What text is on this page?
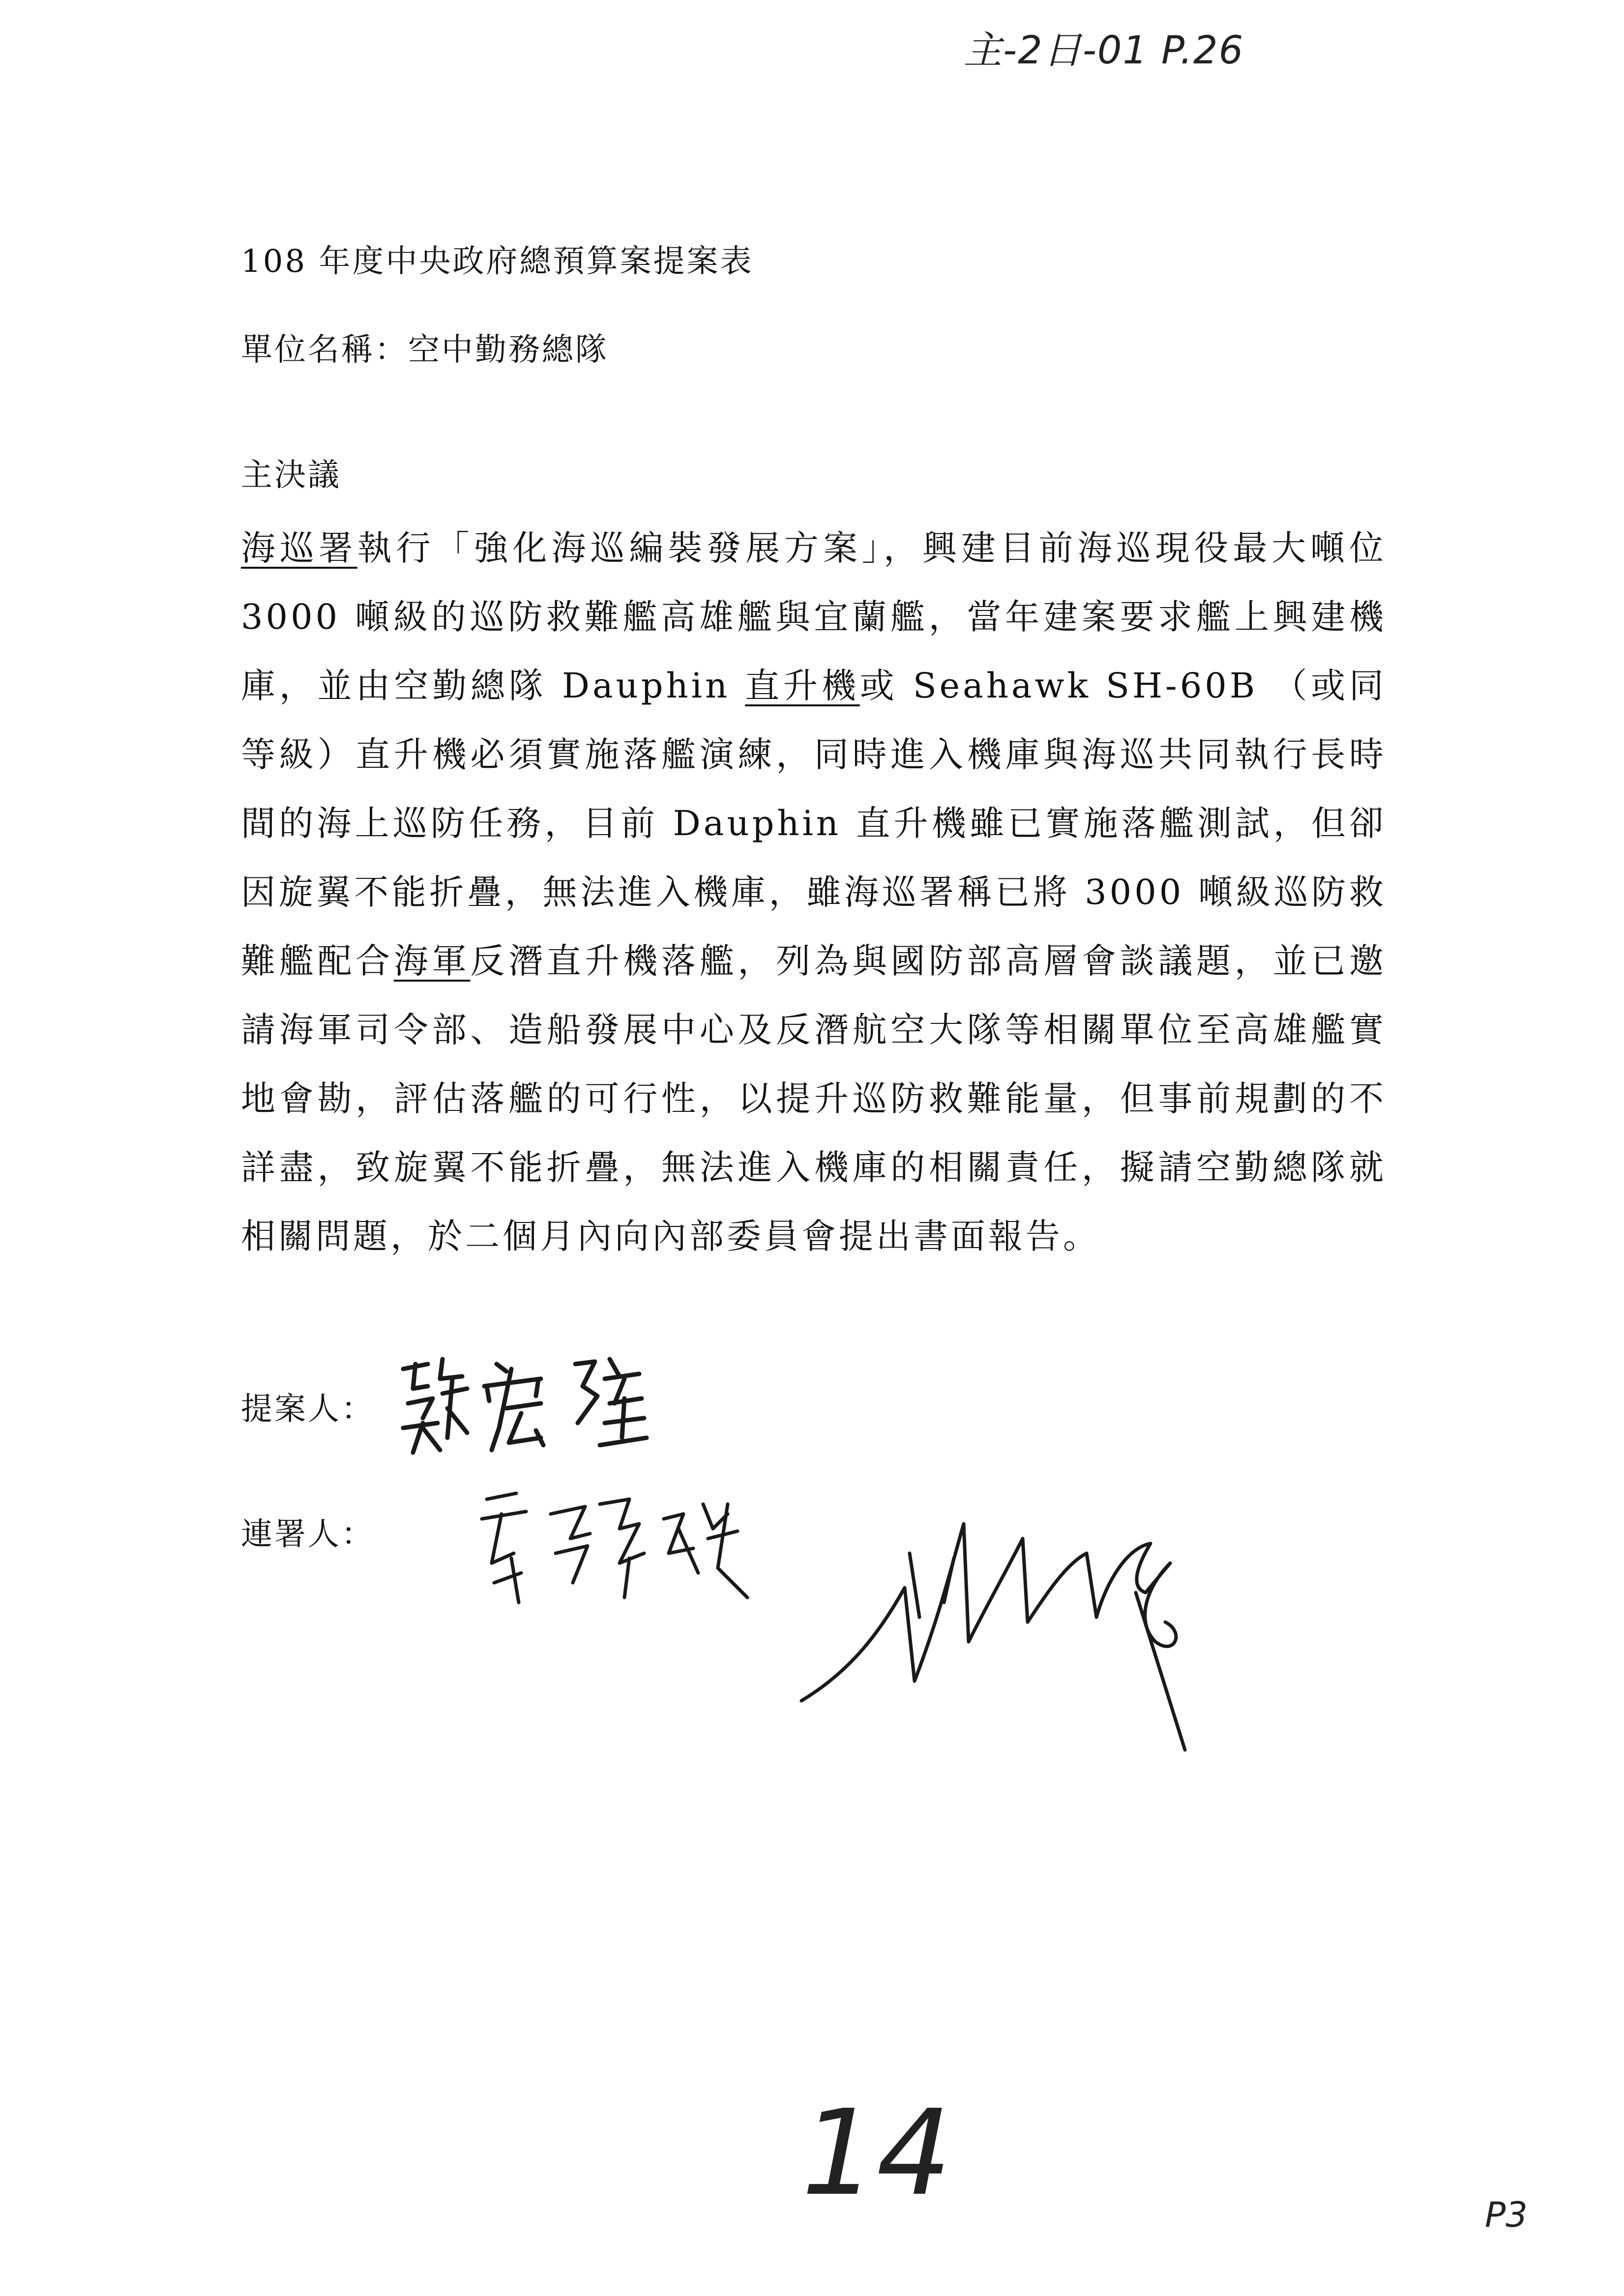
主-2日-01 P.26
108 年度中央政府總預算案提案表
單位名稱：空中勤務總隊
主決議
海巡署執行「強化海巡編裝發展方案」，興建目前海巡現役最大噸位 3000 噸級的巡防救難艦高雄艦與宜蘭艦，當年建案要求艦上興建機庫，並由空勤總隊 Dauphin 直升機或 Seahawk SH-60B （或同等級）直升機必須實施落艦演練，同時進入機庫與海巡共同執行長時間的海上巡防任務，目前 Dauphin 直升機雖已實施落艦測試，但卻因旋翼不能折疊，無法進入機庫，雖海巡署稱已將 3000 噸級巡防救難艦配合海軍反潛直升機落艦，列為與國防部高層會談議題，並已邀請海軍司令部、造船發展中心及反潛航空大隊等相關單位至高雄艦實地會勘，評估落艦的可行性，以提升巡防救難能量，但事前規劃的不詳盡，致旋翼不能折疊，無法進入機庫的相關責任，擬請空勤總隊就相關問題，於二個月內向內部委員會提出書面報告。
提案人：
連署人：
14	P3
